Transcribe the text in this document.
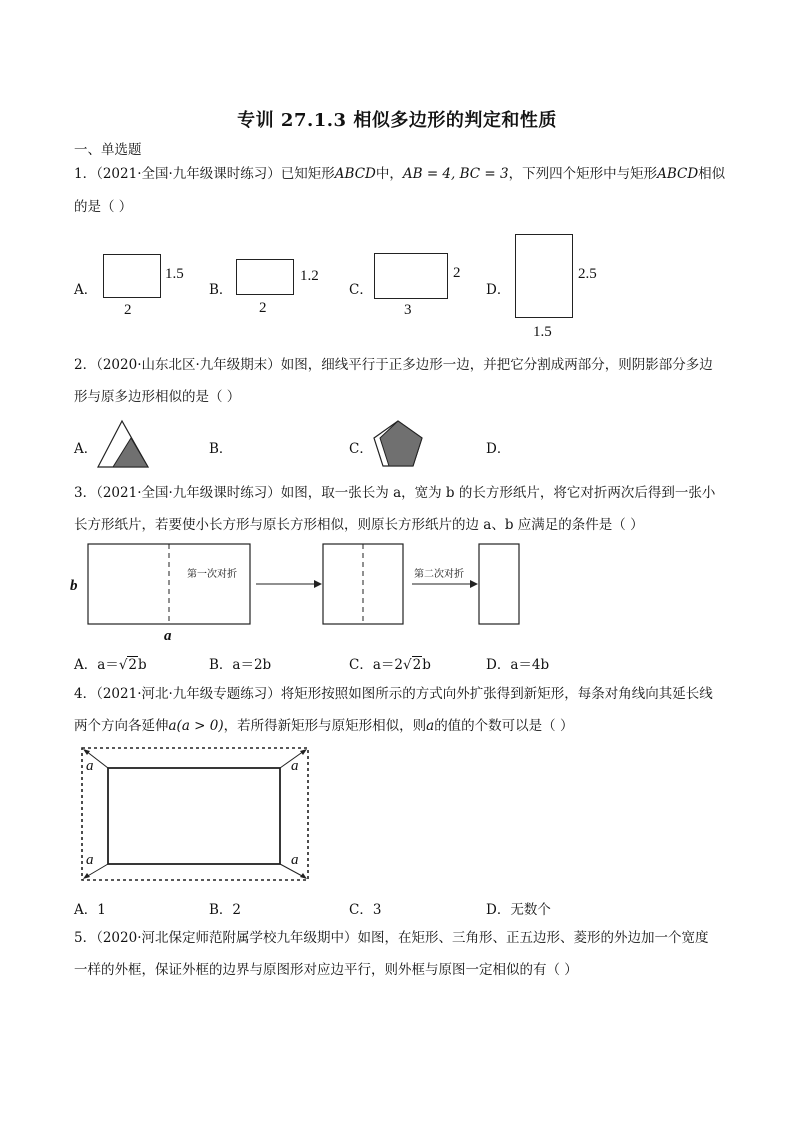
专训 27.1.3 相似多边形的判定和性质
一、单选题
1．（2021·全国·九年级课时练习）已知矩形ABCD中，AB = 4, BC = 3，下列四个矩形中与矩形ABCD相似
的是（ ）
A．
1.5
2
B．
1.2
2
C．
2
3
D．
2.5
1.5
2．（2020·山东北区·九年级期末）如图，细线平行于正多边形一边，并把它分割成两部分，则阴影部分多边
形与原多边形相似的是（ ）
A．	B．	C．	D．
3．（2021·全国·九年级课时练习）如图，取一张长为 a，宽为 b 的长方形纸片，将它对折两次后得到一张小
长方形纸片，若要使小长方形与原长方形相似，则原长方形纸片的边 a、b 应满足的条件是（ ）
第一次对折	第二次对折
b
a
A．a＝√2b	B．a＝2b	C．a＝2√2b	D．a＝4b
4．（2021·河北·九年级专题练习）将矩形按照如图所示的方式向外扩张得到新矩形，每条对角线向其延长线
两个方向各延伸a(a > 0)，若所得新矩形与原矩形相似，则a的值的个数可以是（ ）
a	a
a	a
A．1	B．2	C．3	D．无数个
5．（2020·河北保定师范附属学校九年级期中）如图，在矩形、三角形、正五边形、菱形的外边加一个宽度
一样的外框，保证外框的边界与原图形对应边平行，则外框与原图一定相似的有（ ）
